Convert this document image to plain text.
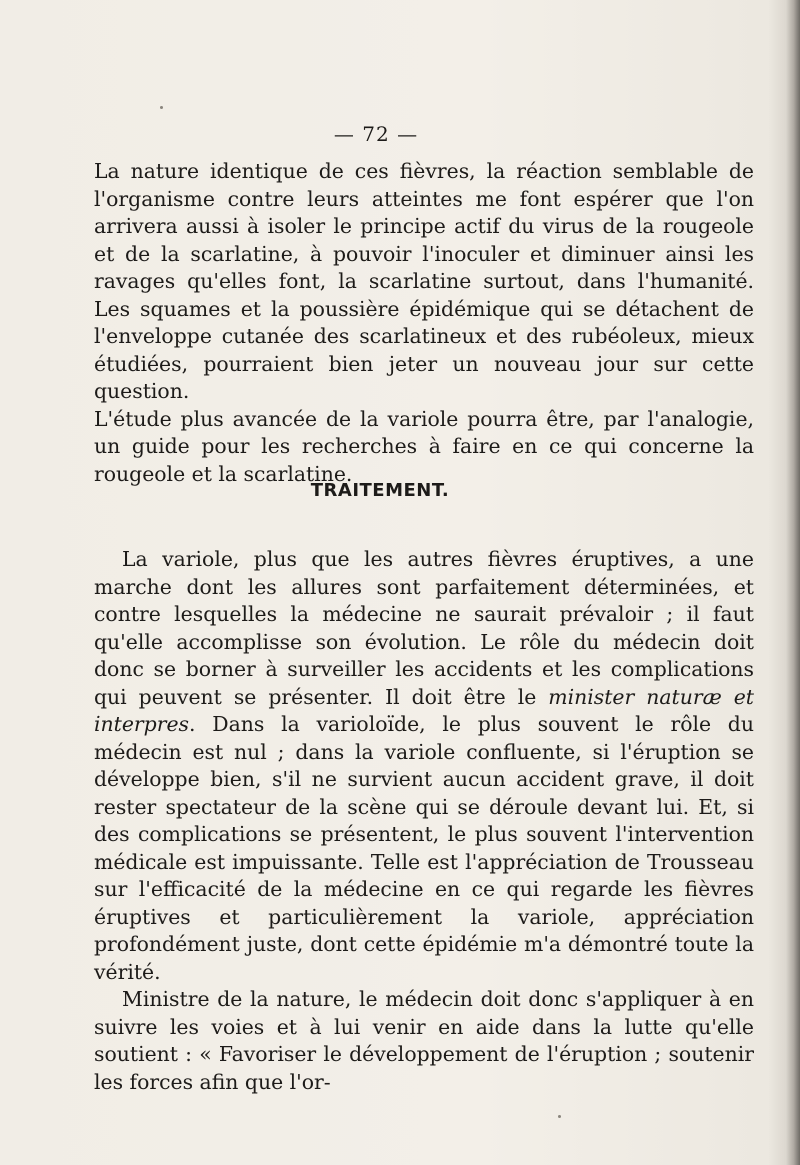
— 72 —

La nature identique de ces fièvres, la réaction semblable de l'organisme contre leurs atteintes me font espérer que l'on arrivera aussi à isoler le principe actif du virus de la rougeole et de la scarlatine, à pouvoir l'inoculer et diminuer ainsi les ravages qu'elles font, la scarlatine surtout, dans l'humanité. Les squames et la poussière épidémique qui se détachent de l'enveloppe cutanée des scarlatineux et des rubéoleux, mieux étudiées, pourraient bien jeter un nouveau jour sur cette question.

L'étude plus avancée de la variole pourra être, par l'analogie, un guide pour les recherches à faire en ce qui concerne la rougeole et la scarlatine.

TRAITEMENT.

La variole, plus que les autres fièvres éruptives, a une marche dont les allures sont parfaitement déterminées, et contre lesquelles la médecine ne saurait prévaloir ; il faut qu'elle accomplisse son évolution. Le rôle du médecin doit donc se borner à surveiller les accidents et les complications qui peuvent se présenter. Il doit être le minister naturæ et interpres. Dans la varioloïde, le plus souvent le rôle du médecin est nul ; dans la variole confluente, si l'éruption se développe bien, s'il ne survient aucun accident grave, il doit rester spectateur de la scène qui se déroule devant lui. Et, si des complications se présentent, le plus souvent l'intervention médicale est impuissante. Telle est l'appréciation de Trousseau sur l'efficacité de la médecine en ce qui regarde les fièvres éruptives et particulièrement la variole, appréciation profondément juste, dont cette épidémie m'a démontré toute la vérité.

Ministre de la nature, le médecin doit donc s'appliquer à en suivre les voies et à lui venir en aide dans la lutte qu'elle soutient : « Favoriser le développement de l'éruption ; soutenir les forces afin que l'or-
